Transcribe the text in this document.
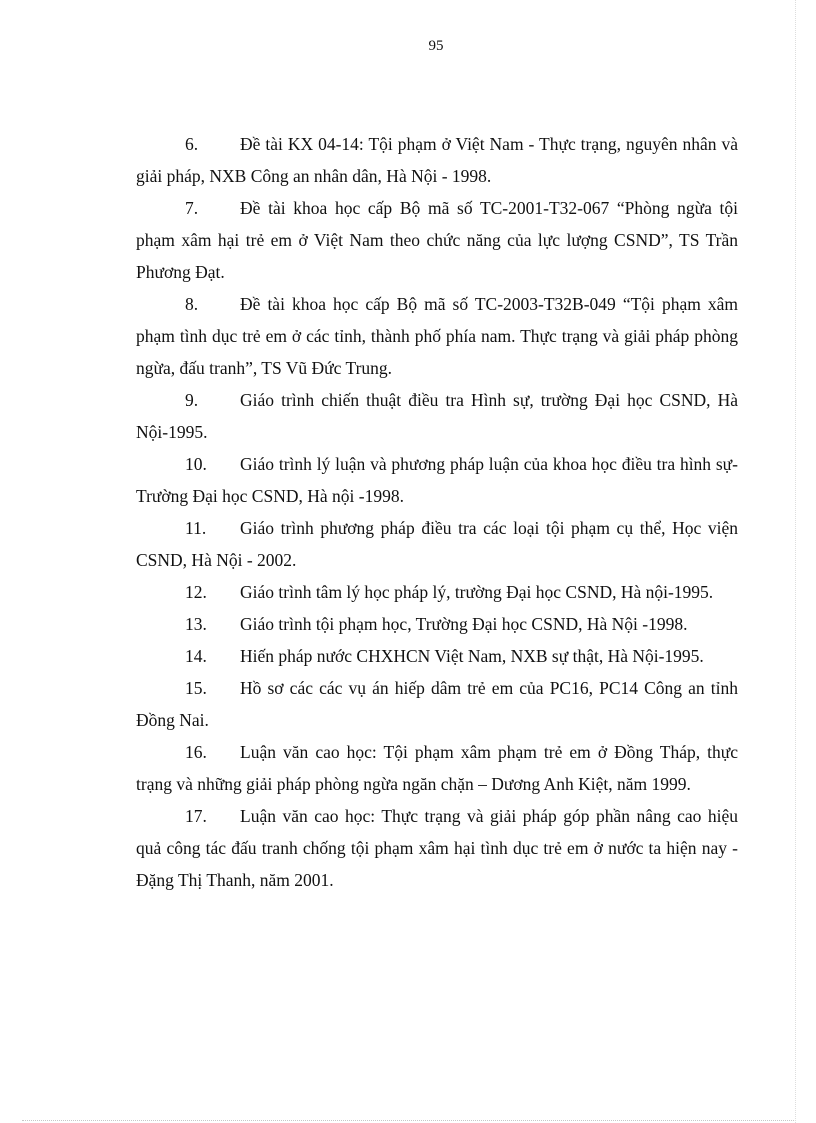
95

6. Đề tài KX 04-14: Tội phạm ở Việt Nam - Thực trạng, nguyên nhân và giải pháp, NXB Công an nhân dân, Hà Nội - 1998.

7. Đề tài khoa học cấp Bộ mã số TC-2001-T32-067 “Phòng ngừa tội phạm xâm hại trẻ em ở Việt Nam theo chức năng của lực lượng CSND”, TS Trần Phương Đạt.

8. Đề tài khoa học cấp Bộ mã số TC-2003-T32B-049 “Tội phạm xâm phạm tình dục trẻ em ở các tỉnh, thành phố phía nam. Thực trạng và giải pháp phòng ngừa, đấu tranh”, TS Vũ Đức Trung.

9. Giáo trình chiến thuật điều tra Hình sự, trường Đại học CSND, Hà Nội-1995.

10. Giáo trình lý luận và phương pháp luận của khoa học điều tra hình sự- Trường Đại học CSND, Hà nội -1998.

11. Giáo trình phương pháp điều tra các loại tội phạm cụ thể, Học viện CSND, Hà Nội - 2002.

12. Giáo trình tâm lý học pháp lý, trường Đại học CSND, Hà nội-1995.

13. Giáo trình tội phạm học, Trường Đại học CSND, Hà Nội -1998.

14. Hiến pháp nước CHXHCN Việt Nam, NXB sự thật, Hà Nội-1995.

15. Hồ sơ các các vụ án hiếp dâm trẻ em của PC16, PC14 Công an tỉnh Đồng Nai.

16. Luận văn cao học: Tội phạm xâm phạm trẻ em ở Đồng Tháp, thực trạng và những giải pháp phòng ngừa ngăn chặn – Dương Anh Kiệt, năm 1999.

17. Luận văn cao học: Thực trạng và giải pháp góp phần nâng cao hiệu quả công tác đấu tranh chống tội phạm xâm hại tình dục trẻ em ở nước ta hiện nay - Đặng Thị Thanh, năm 2001.
